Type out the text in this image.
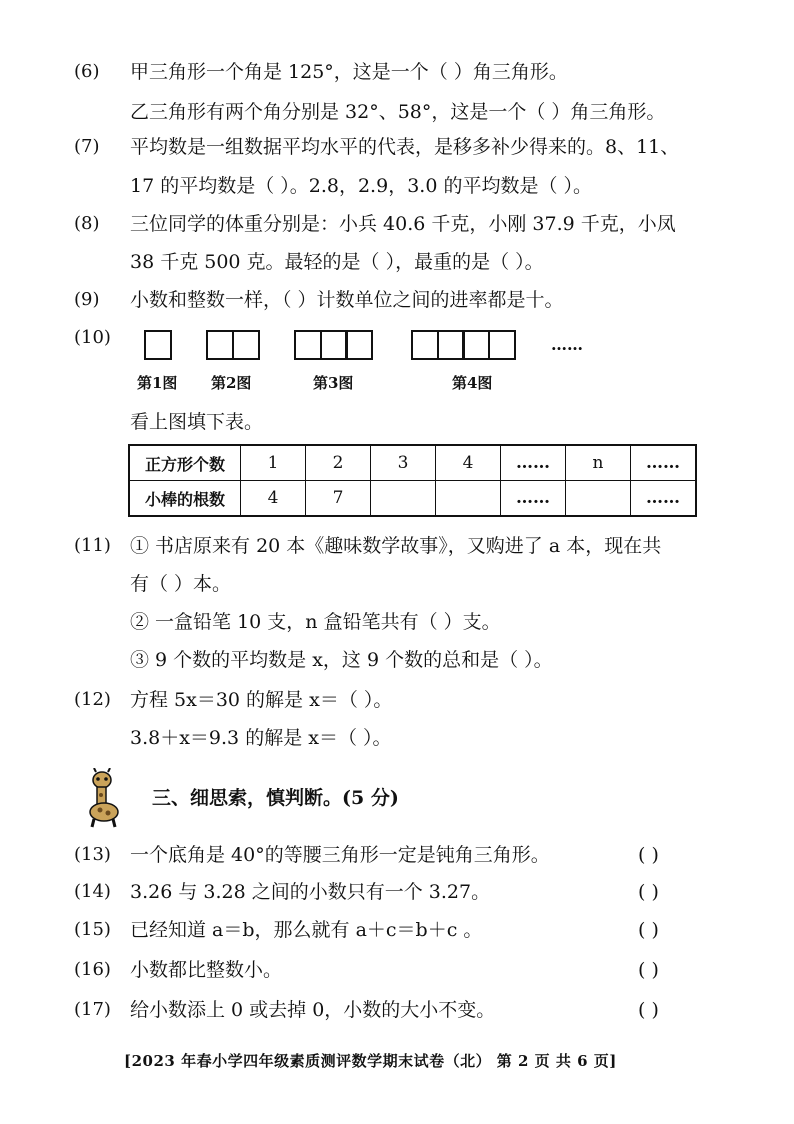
(6) 甲三角形一个角是 125°，这是一个（ ）角三角形。
乙三角形有两个角分别是 32°、58°，这是一个（ ）角三角形。
(7) 平均数是一组数据平均水平的代表，是移多补少得来的。8、11、
17 的平均数是（ ）。2.8，2.9，3.0 的平均数是（ ）。
(8) 三位同学的体重分别是：小兵 40.6 千克，小刚 37.9 千克，小凤
38 千克 500 克。最轻的是（ ），最重的是（ ）。
(9) 小数和整数一样，（ ）计数单位之间的进率都是十。
(10)	……
第1图 第2图	第3图	第4图
看上图填下表。
正方形个数	1	2	3	4	……	n	……
小棒的根数	4	7			……		……
(11) ① 书店原来有 20 本《趣味数学故事》，又购进了 a 本，现在共
有（ ）本。
② 一盒铅笔 10 支，n 盒铅笔共有（ ）支。
③ 9 个数的平均数是 x，这 9 个数的总和是（ ）。
(12) 方程 5x＝30 的解是 x＝（ ）。
3.8＋x＝9.3 的解是 x＝（ ）。
三、细思索，慎判断。(5 分)
(13) 一个底角是 40°的等腰三角形一定是钝角三角形。	( )
(14) 3.26 与 3.28 之间的小数只有一个 3.27。	( )
(15) 已经知道 a＝b，那么就有 a＋c＝b＋c 。	( )
(16) 小数都比整数小。	( )
(17) 给小数添上 0 或去掉 0，小数的大小不变。	( )
[2023 年春小学四年级素质测评数学期末试卷（北） 第 2 页 共 6 页]
